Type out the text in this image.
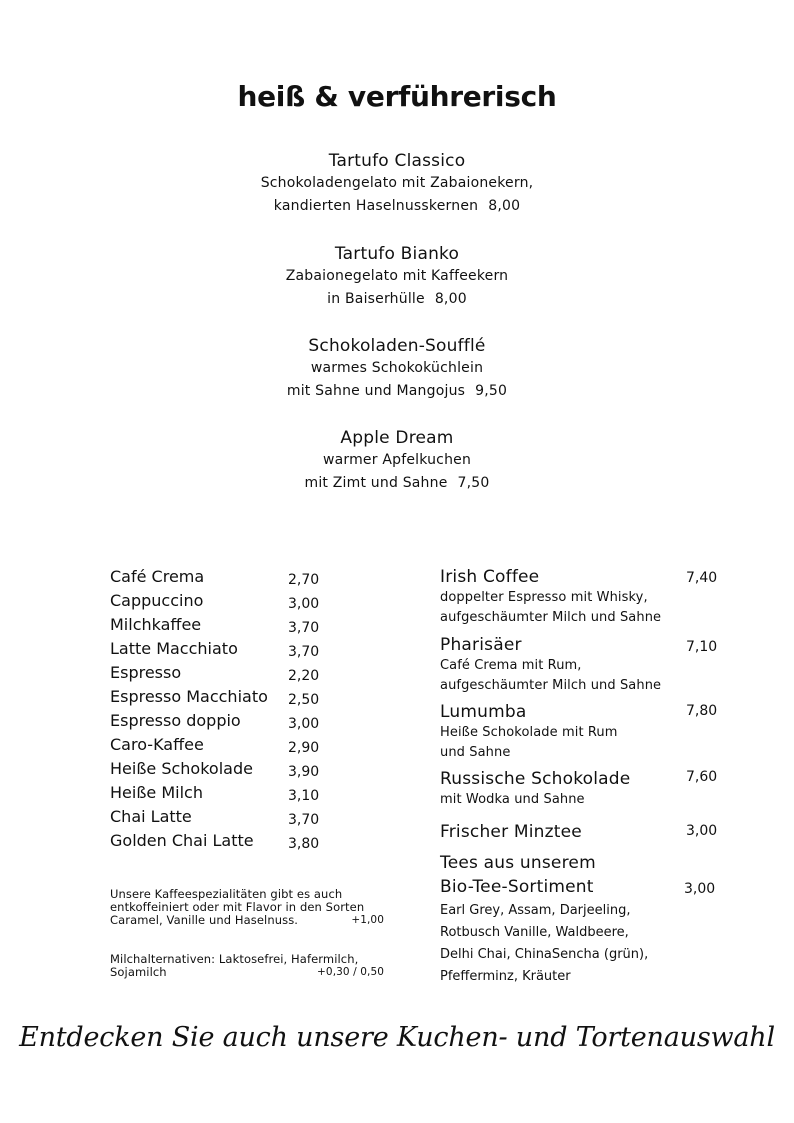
heiß & verführerisch
Tartufo Classico
Schokoladengelato mit Zabaionekern,
kandierten Haselnusskernen 8,00
Tartufo Bianko
Zabaionegelato mit Kaffeekern
in Baiserhülle 8,00
Schokoladen-Soufflé
warmes Schokoküchlein
mit Sahne und Mangojus 9,50
Apple Dream
warmer Apfelkuchen
mit Zimt und Sahne 7,50
Café Crema	2,70
Cappuccino	3,00
Milchkaffee	3,70
Latte Macchiato	3,70
Espresso	2,20
Espresso Macchiato 2,50
Espresso doppio	3,00
Caro-Kaffee	2,90
Heiße Schokolade	3,90
Heiße Milch	3,10
Chai Latte	3,70
Golden Chai Latte 3,80
Unsere Kaffeespezialitäten gibt es auch
entkoffeiniert oder mit Flavor in den Sorten
Caramel, Vanille und Haselnuss.	+1,00
Milchalternativen: Laktosefrei, Hafermilch,
Sojamilch	+0,30 / 0,50
Irish Coffee
doppelter Espresso mit Whisky,
aufgeschäumter Milch und Sahne
7,40
Pharisäer
Café Crema mit Rum,
aufgeschäumter Milch und Sahne
7,10
Lumumba
Heiße Schokolade mit Rum
und Sahne
7,80
Russische Schokolade
mit Wodka und Sahne
7,60
Frischer Minztee	3,00
Tees aus unserem
Bio-Tee-Sortiment	3,00
Earl Grey, Assam, Darjeeling,
Rotbusch Vanille, Waldbeere,
Delhi Chai, ChinaSencha (grün),
Pfefferminz, Kräuter
Entdecken Sie auch unsere Kuchen- und Tortenauswahl
